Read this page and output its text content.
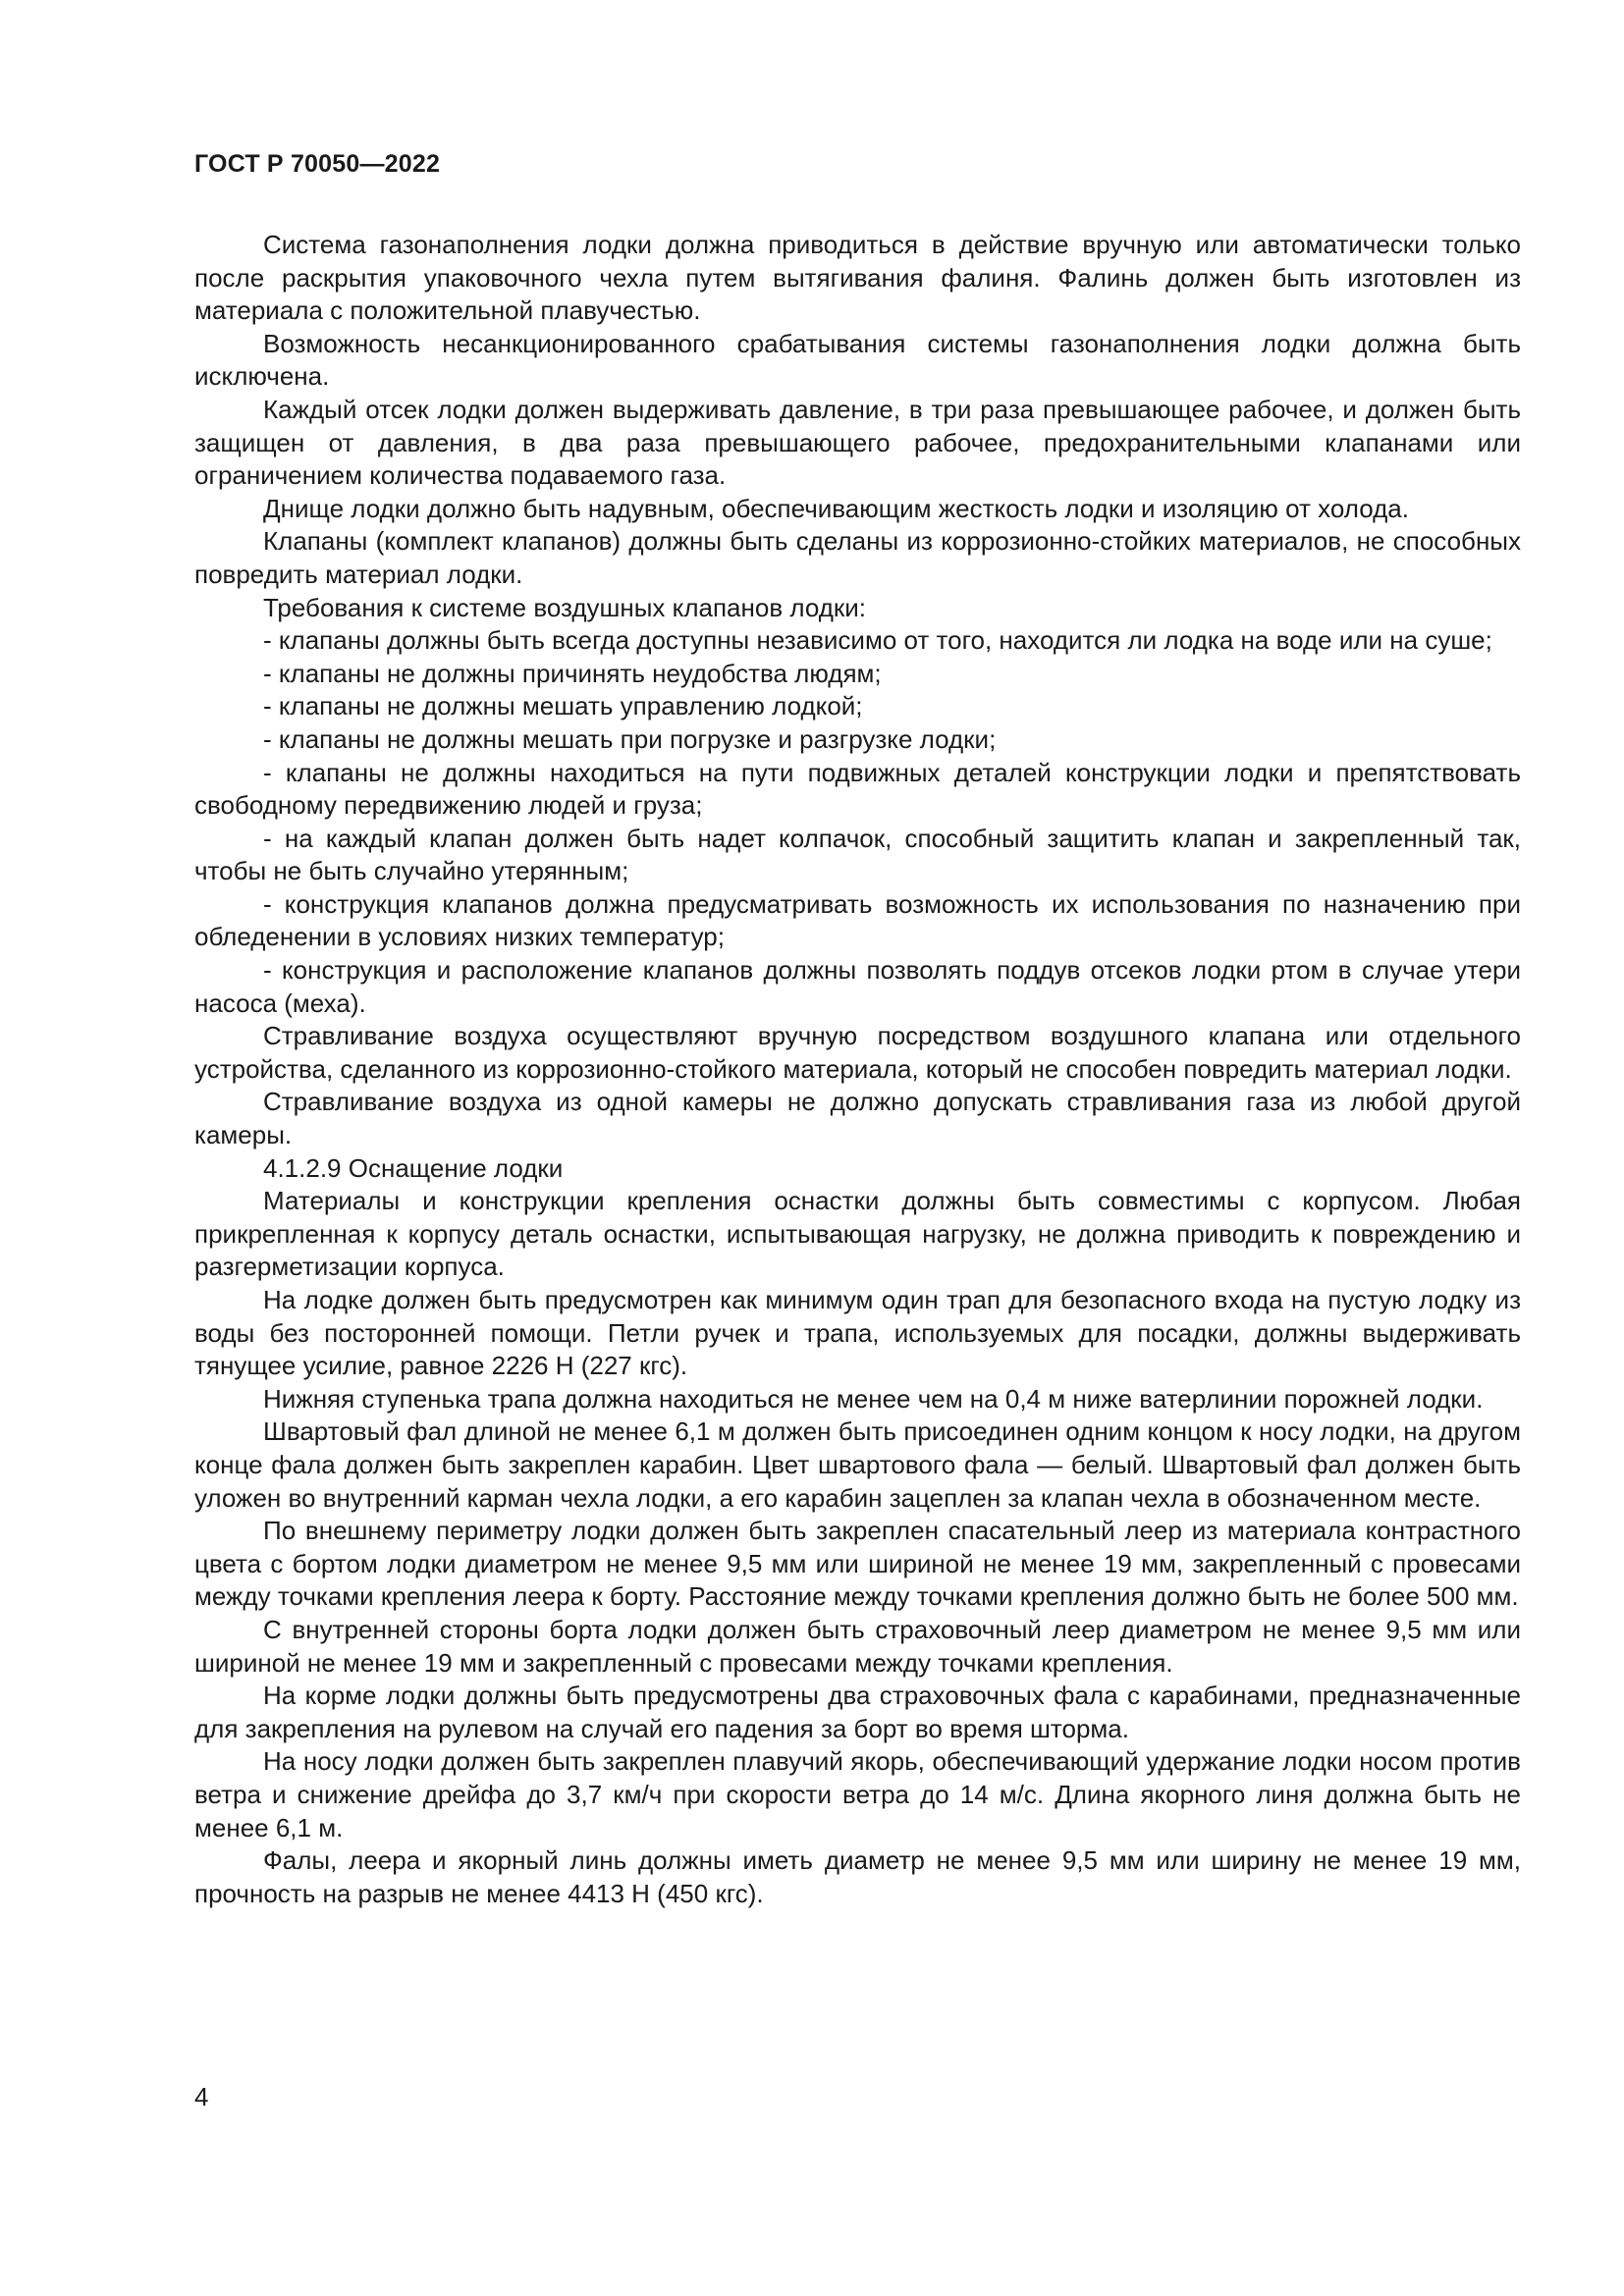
ГОСТ Р 70050—2022

Система газонаполнения лодки должна приводиться в действие вручную или автоматически только после раскрытия упаковочного чехла путем вытягивания фалиня. Фалинь должен быть изготовлен из материала с положительной плавучестью.

Возможность несанкционированного срабатывания системы газонаполнения лодки должна быть исключена.

Каждый отсек лодки должен выдерживать давление, в три раза превышающее рабочее, и должен быть защищен от давления, в два раза превышающего рабочее, предохранительными клапанами или ограничением количества подаваемого газа.

Днище лодки должно быть надувным, обеспечивающим жесткость лодки и изоляцию от холода.

Клапаны (комплект клапанов) должны быть сделаны из коррозионно-стойких материалов, не способных повредить материал лодки.

Требования к системе воздушных клапанов лодки:

- клапаны должны быть всегда доступны независимо от того, находится ли лодка на воде или на суше;

- клапаны не должны причинять неудобства людям;

- клапаны не должны мешать управлению лодкой;

- клапаны не должны мешать при погрузке и разгрузке лодки;

- клапаны не должны находиться на пути подвижных деталей конструкции лодки и препятствовать свободному передвижению людей и груза;

- на каждый клапан должен быть надет колпачок, способный защитить клапан и закрепленный так, чтобы не быть случайно утерянным;

- конструкция клапанов должна предусматривать возможность их использования по назначению при обледенении в условиях низких температур;

- конструкция и расположение клапанов должны позволять поддув отсеков лодки ртом в случае утери насоса (меха).

Стравливание воздуха осуществляют вручную посредством воздушного клапана или отдельного устройства, сделанного из коррозионно-стойкого материала, который не способен повредить материал лодки.

Стравливание воздуха из одной камеры не должно допускать стравливания газа из любой другой камеры.

4.1.2.9 Оснащение лодки

Материалы и конструкции крепления оснастки должны быть совместимы с корпусом. Любая прикрепленная к корпусу деталь оснастки, испытывающая нагрузку, не должна приводить к повреждению и разгерметизации корпуса.

На лодке должен быть предусмотрен как минимум один трап для безопасного входа на пустую лодку из воды без посторонней помощи. Петли ручек и трапа, используемых для посадки, должны выдерживать тянущее усилие, равное 2226 Н (227 кгс).

Нижняя ступенька трапа должна находиться не менее чем на 0,4 м ниже ватерлинии порожней лодки.

Швартовый фал длиной не менее 6,1 м должен быть присоединен одним концом к носу лодки, на другом конце фала должен быть закреплен карабин. Цвет швартового фала — белый. Швартовый фал должен быть уложен во внутренний карман чехла лодки, а его карабин зацеплен за клапан чехла в обозначенном месте.

По внешнему периметру лодки должен быть закреплен спасательный леер из материала контрастного цвета с бортом лодки диаметром не менее 9,5 мм или шириной не менее 19 мм, закрепленный с провесами между точками крепления леера к борту. Расстояние между точками крепления должно быть не более 500 мм.

С внутренней стороны борта лодки должен быть страховочный леер диаметром не менее 9,5 мм или шириной не менее 19 мм и закрепленный с провесами между точками крепления.

На корме лодки должны быть предусмотрены два страховочных фала с карабинами, предназначенные для закрепления на рулевом на случай его падения за борт во время шторма.

На носу лодки должен быть закреплен плавучий якорь, обеспечивающий удержание лодки носом против ветра и снижение дрейфа до 3,7 км/ч при скорости ветра до 14 м/с. Длина якорного линя должна быть не менее 6,1 м.

Фалы, леера и якорный линь должны иметь диаметр не менее 9,5 мм или ширину не менее 19 мм, прочность на разрыв не менее 4413 Н (450 кгс).

4
